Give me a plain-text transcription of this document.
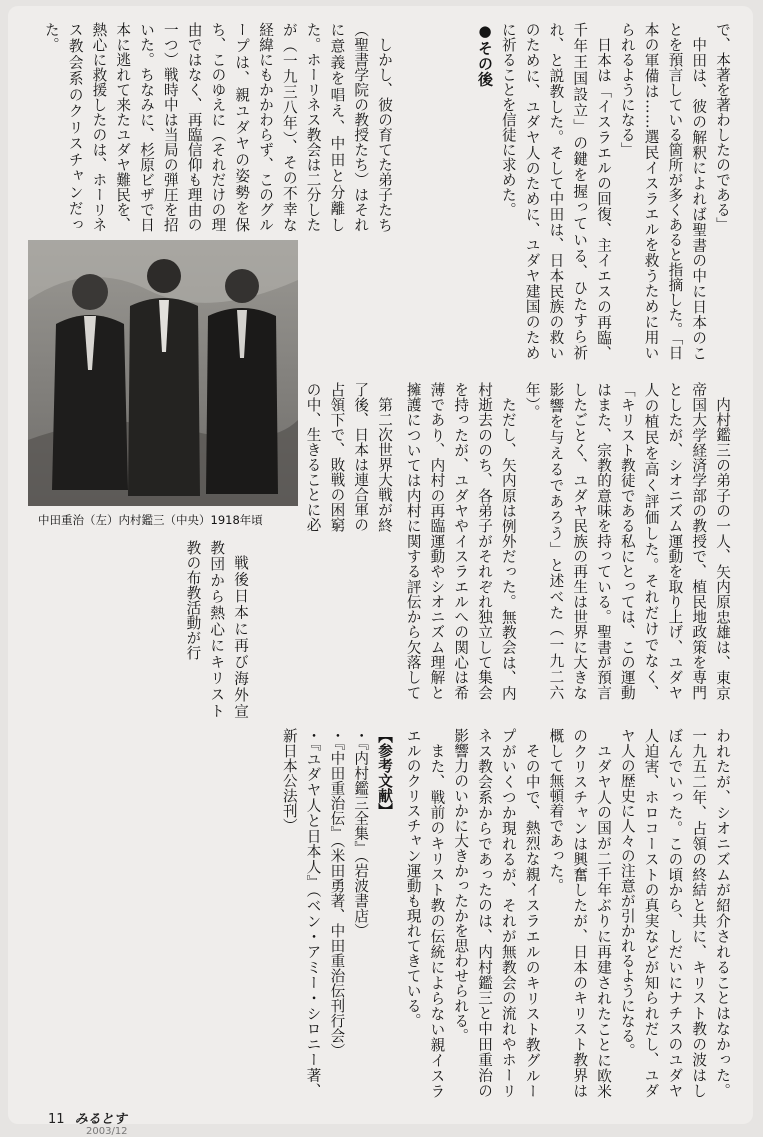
で、本著を著わしたのである」

中田は、彼の解釈によれば聖書の中に日本のことを預言している箇所が多くあると指摘した。「日本の軍備は……選民イスラエルを救うために用いられるようになる」

日本は「イスラエルの回復、主イエスの再臨、千年王国設立」の鍵を握っている、ひたすら祈れ、と説教した。そして中田は、日本民族の救いのために、ユダヤ人のために、ユダヤ建国のために祈ることを信徒に求めた。

●その後

しかし、彼の育てた弟子たち（聖書学院の教授たち）はそれに意義を唱え、中田と分離した。ホーリネス教会は二分したが（一九三八年）、その不幸な経緯にもかかわらず、このグループは、親ユダヤの姿勢を保ち、このゆえに（それだけの理由ではなく、再臨信仰も理由の一つ）戦時中は当局の弾圧を招いた。ちなみに、杉原ビザで日本に逃れて来たユダヤ難民を、熱心に救援したのは、ホーリネス教会系のクリスチャンだった。

中田重治（左）内村鑑三（中央）1918年頃	内村鑑三の弟子の一人、矢内原忠雄は、東京帝国大学経済学部の教授で、植民地政策を専門としたが、シオニズム運動を取り上げ、ユダヤ人の植民を高く評価した。それだけでなく、「キリスト教徒である私にとっては、この運動はまた、宗教的意味を持っている。聖書が預言したごとく、ユダヤ民族の再生は世界に大きな影響を与えるであろう」と述べた（一九二六年）。

ただし、矢内原は例外だった。無教会は、内村逝去ののち、各弟子がそれぞれ独立して集会を持ったが、ユダヤやイスラエルへの関心は希薄であり、内村の再臨運動やシオニズム理解と擁護については内村に関する評伝から欠落して

第二次世界大戦が終了後、日本は連合軍の占領下で、敗戦の困窮の中、生きることに必

われたが、シオニズムが紹介されることはなかった。一九五二年、占領の終結と共に、キリスト教の波はしぼんでいった。この頃から、しだいにナチスのユダヤ人迫害、ホロコーストの真実などが知られだし、ユダヤ人の歴史に人々の注意が引かれるようになる。

ユダヤ人の国が二千年ぶりに再建されたことに欧米のクリスチャンは興奮したが、日本のキリスト教界は概して無頓着であった。

その中で、熱烈な親イスラエルのキリスト教グループがいくつか現れるが、それが無教会の流れやホーリネス教会系からであったのは、内村鑑三と中田重治の影響力のいかに大きかったかを思わせられる。

また、戦前のキリスト教の伝統によらない親イスラエルのクリスチャン運動も現れてきている。

戦後日本に再び海外宣教団から熱心にキリスト教の布教活動が行

【参考文献】

・『内村鑑三全集』（岩波書店）

・『中田重治伝』（米田勇著、中田重治伝刊行会）

・『ユダヤ人と日本人』（ベン・アミー・シロニー著、新日本公法刊）

11 みるとす
2003/12
